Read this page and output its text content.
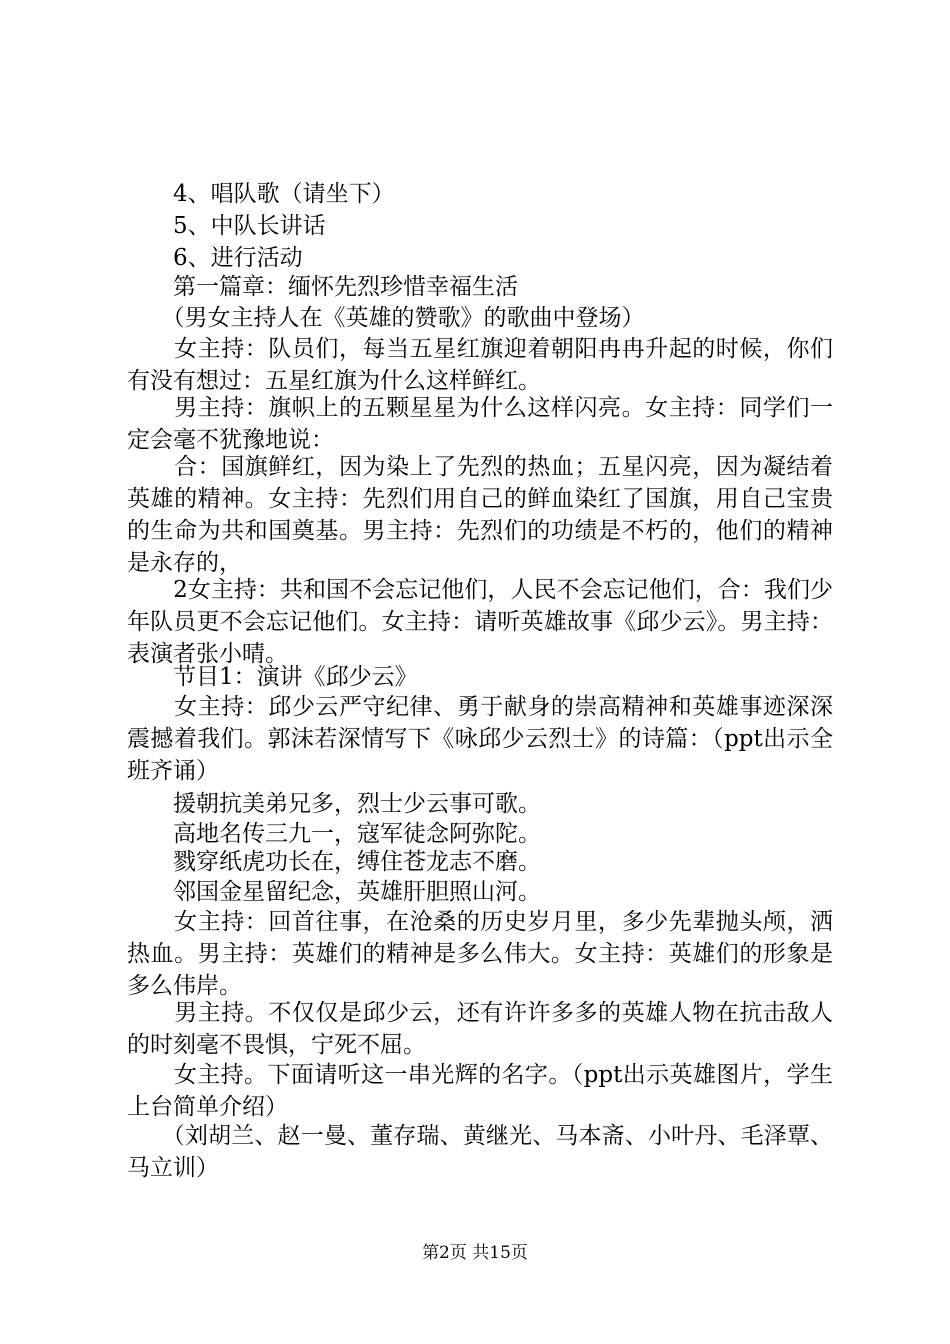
　　4、唱队歌（请坐下）

　　5、中队长讲话

　　6、进行活动

　　第一篇章：缅怀先烈珍惜幸福生活

　　（男女主持人在《英雄的赞歌》的歌曲中登场）

　　女主持：队员们，每当五星红旗迎着朝阳冉冉升起的时候，你们有没有想过：五星红旗为什么这样鲜红。

　　男主持：旗帜上的五颗星星为什么这样闪亮。女主持：同学们一定会毫不犹豫地说：

　　合：国旗鲜红，因为染上了先烈的热血；五星闪亮，因为凝结着英雄的精神。女主持：先烈们用自己的鲜血染红了国旗，用自己宝贵的生命为共和国奠基。男主持：先烈们的功绩是不朽的，他们的精神是永存的，

　　2女主持：共和国不会忘记他们，人民不会忘记他们，合：我们少年队员更不会忘记他们。女主持：请听英雄故事《邱少云》。男主持：表演者张小晴。

　　节目1：演讲《邱少云》

　　女主持：邱少云严守纪律、勇于献身的崇高精神和英雄事迹深深震撼着我们。郭沫若深情写下《咏邱少云烈士》的诗篇：（ppt出示全班齐诵）

　　援朝抗美弟兄多，烈士少云事可歌。

　　高地名传三九一，寇军徒念阿弥陀。

　　戮穿纸虎功长在，缚住苍龙志不磨。

　　邻国金星留纪念，英雄肝胆照山河。

　　女主持：回首往事，在沧桑的历史岁月里，多少先辈抛头颅，洒热血。男主持：英雄们的精神是多么伟大。女主持：英雄们的形象是多么伟岸。

　　男主持。不仅仅是邱少云，还有许许多多的英雄人物在抗击敌人的时刻毫不畏惧，宁死不屈。

　　女主持。下面请听这一串光辉的名字。（ppt出示英雄图片，学生上台简单介绍）

　　（刘胡兰、赵一曼、董存瑞、黄继光、马本斋、小叶丹、毛泽覃、马立训）

第2页 共15页
